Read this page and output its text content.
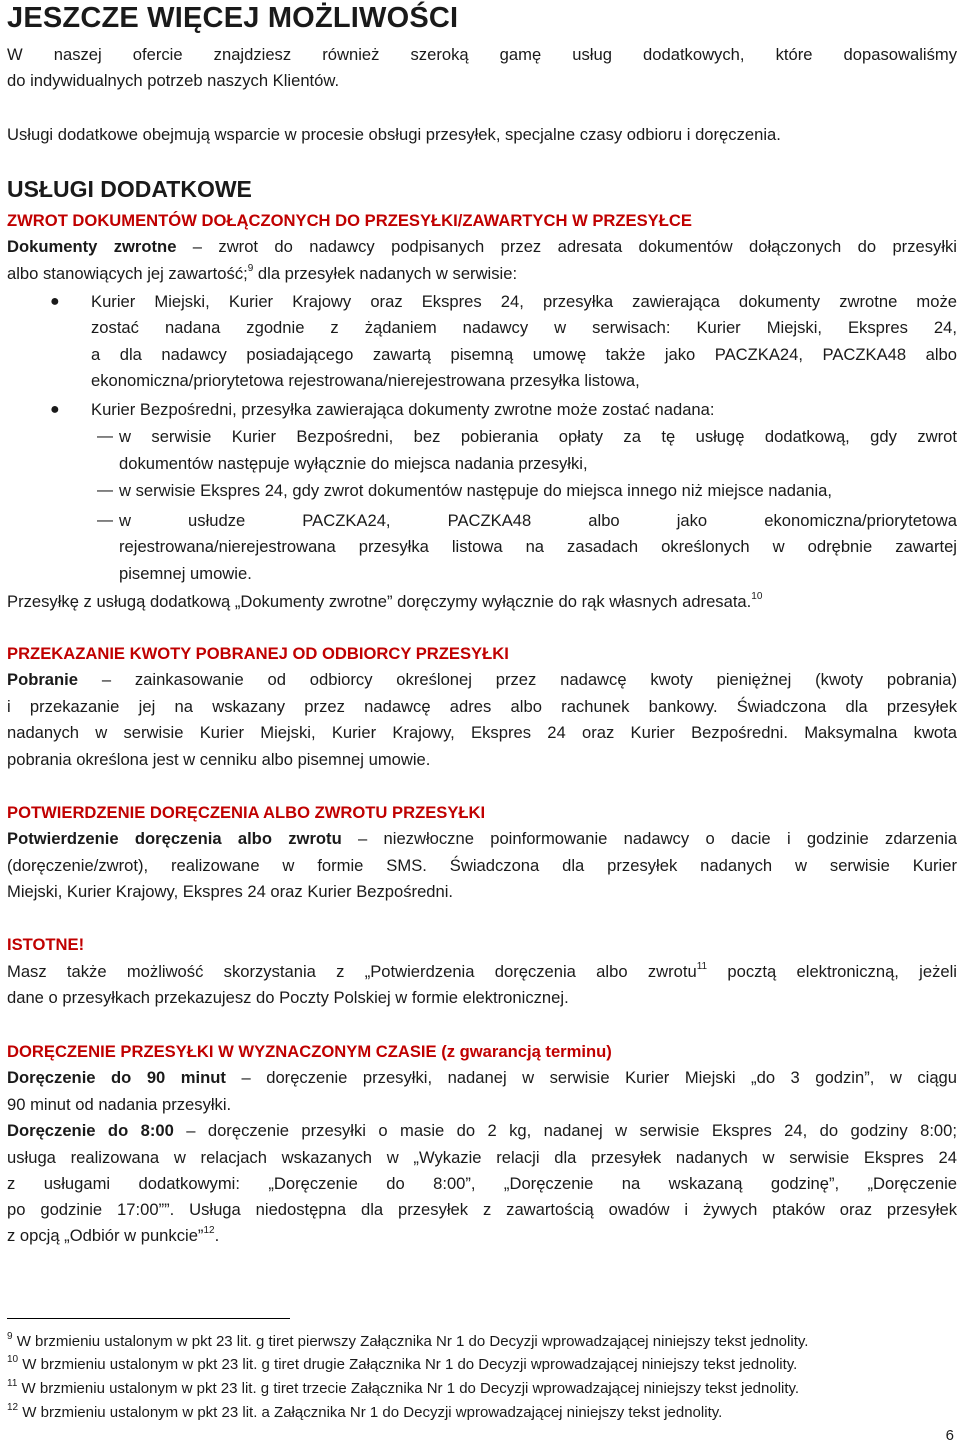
JESZCZE WIĘCEJ MOŻLIWOŚCI
W naszej ofercie znajdziesz również szeroką gamę usług dodatkowych, które dopasowaliśmy
do indywidualnych potrzeb naszych Klientów.
Usługi dodatkowe obejmują wsparcie w procesie obsługi przesyłek, specjalne czasy odbioru i doręczenia.
USŁUGI DODATKOWE
ZWROT DOKUMENTÓW DOŁĄCZONYCH DO PRZESYŁKI/ZAWARTYCH W PRZESYŁCE
Dokumenty zwrotne – zwrot do nadawcy podpisanych przez adresata dokumentów dołączonych do przesyłki
albo stanowiących jej zawartość;$^9$ dla przesyłek nadanych w serwisie:
● Kurier Miejski, Kurier Krajowy oraz Ekspres 24, przesyłka zawierająca dokumenty zwrotne może
zostać nadana zgodnie z żądaniem nadawcy w serwisach: Kurier Miejski, Ekspres 24,
a dla nadawcy posiadającego zawartą pisemną umowę także jako PACZKA24, PACZKA48 albo
ekonomiczna/priorytetowa rejestrowana/nierejestrowana przesyłka listowa,
● Kurier Bezpośredni, przesyłka zawierająca dokumenty zwrotne może zostać nadana:
— w serwisie Kurier Bezpośredni, bez pobierania opłaty za tę usługę dodatkową, gdy zwrot
dokumentów następuje wyłącznie do miejsca nadania przesyłki,
— w serwisie Ekspres 24, gdy zwrot dokumentów następuje do miejsca innego niż miejsce nadania,
— w usłudze PACZKA24, PACZKA48 albo jako ekonomiczna/priorytetowa
rejestrowana/nierejestrowana przesyłka listowa na zasadach określonych w odrębnie zawartej
pisemnej umowie.
Przesyłkę z usługą dodatkową „Dokumenty zwrotne” doręczymy wyłącznie do rąk własnych adresata.$^{10}$
PRZEKAZANIE KWOTY POBRANEJ OD ODBIORCY PRZESYŁKI
Pobranie – zainkasowanie od odbiorcy określonej przez nadawcę kwoty pieniężnej (kwoty pobrania)
i przekazanie jej na wskazany przez nadawcę adres albo rachunek bankowy. Świadczona dla przesyłek
nadanych w serwisie Kurier Miejski, Kurier Krajowy, Ekspres 24 oraz Kurier Bezpośredni. Maksymalna kwota
pobrania określona jest w cenniku albo pisemnej umowie.
POTWIERDZENIE DORĘCZENIA ALBO ZWROTU PRZESYŁKI
Potwierdzenie doręczenia albo zwrotu – niezwłoczne poinformowanie nadawcy o dacie i godzinie zdarzenia
(doręczenie/zwrot), realizowane w formie SMS. Świadczona dla przesyłek nadanych w serwisie Kurier
Miejski, Kurier Krajowy, Ekspres 24 oraz Kurier Bezpośredni.
ISTOTNE!
Masz także możliwość skorzystania z „Potwierdzenia doręczenia albo zwrotu$^{11}$ pocztą elektroniczną, jeżeli
dane o przesyłkach przekazujesz do Poczty Polskiej w formie elektronicznej.
DORĘCZENIE PRZESYŁKI W WYZNACZONYM CZASIE (z gwarancją terminu)
Doręczenie do 90 minut – doręczenie przesyłki, nadanej w serwisie Kurier Miejski „do 3 godzin”, w ciągu
90 minut od nadania przesyłki.
Doręczenie do 8:00 – doręczenie przesyłki o masie do 2 kg, nadanej w serwisie Ekspres 24, do godziny 8:00;
usługa realizowana w relacjach wskazanych w „Wykazie relacji dla przesyłek nadanych w serwisie Ekspres 24
z usługami dodatkowymi: „Doręczenie do 8:00”, „Doręczenie na wskazaną godzinę”, „Doręczenie
po godzinie 17:00””. Usługa niedostępna dla przesyłek z zawartością owadów i żywych ptaków oraz przesyłek
z opcją „Odbiór w punkcie”$^{12}$.
$^9$ W brzmieniu ustalonym w pkt 23 lit. g tiret pierwszy Załącznika Nr 1 do Decyzji wprowadzającej niniejszy tekst jednolity.
$^{10}$ W brzmieniu ustalonym w pkt 23 lit. g tiret drugie Załącznika Nr 1 do Decyzji wprowadzającej niniejszy tekst jednolity.
$^{11}$ W brzmieniu ustalonym w pkt 23 lit. g tiret trzecie Załącznika Nr 1 do Decyzji wprowadzającej niniejszy tekst jednolity.
$^{12}$ W brzmieniu ustalonym w pkt 23 lit. a Załącznika Nr 1 do Decyzji wprowadzającej niniejszy tekst jednolity.
6
